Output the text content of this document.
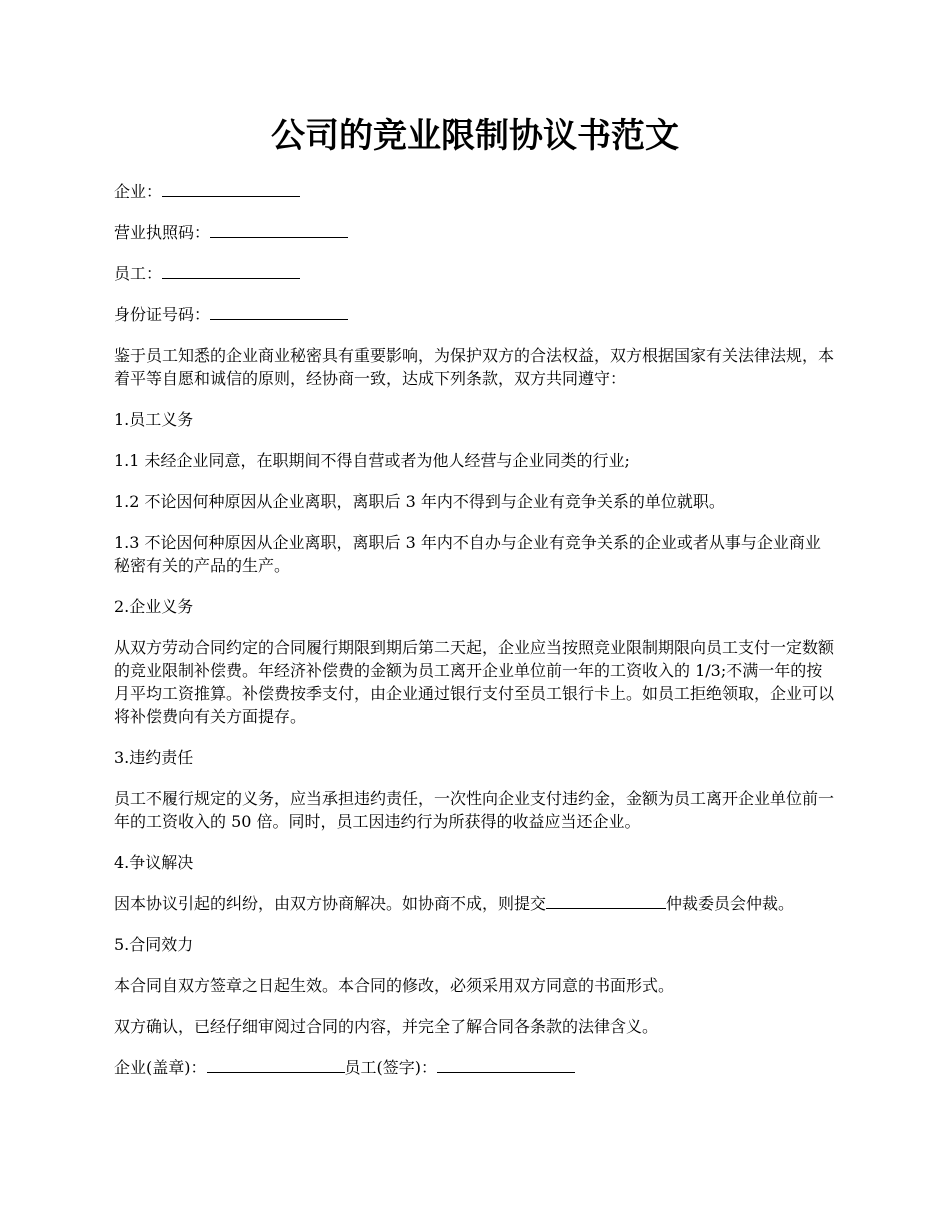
公司的竞业限制协议书范文

企业：

营业执照码：

员工：

身份证号码：

鉴于员工知悉的企业商业秘密具有重要影响，为保护双方的合法权益，双方根据国家有关法律法规，本着平等自愿和诚信的原则，经协商一致，达成下列条款，双方共同遵守：

1.员工义务

1.1 未经企业同意，在职期间不得自营或者为他人经营与企业同类的行业;

1.2 不论因何种原因从企业离职，离职后 3 年内不得到与企业有竞争关系的单位就职。

1.3 不论因何种原因从企业离职，离职后 3 年内不自办与企业有竞争关系的企业或者从事与企业商业秘密有关的产品的生产。

2.企业义务

从双方劳动合同约定的合同履行期限到期后第二天起，企业应当按照竞业限制期限向员工支付一定数额的竞业限制补偿费。年经济补偿费的金额为员工离开企业单位前一年的工资收入的 1/3;不满一年的按月平均工资推算。补偿费按季支付，由企业通过银行支付至员工银行卡上。如员工拒绝领取，企业可以将补偿费向有关方面提存。

3.违约责任

员工不履行规定的义务，应当承担违约责任，一次性向企业支付违约金，金额为员工离开企业单位前一年的工资收入的 50 倍。同时，员工因违约行为所获得的收益应当还企业。

4.争议解决

因本协议引起的纠纷，由双方协商解决。如协商不成，则提交	仲裁委员会仲裁。

5.合同效力

本合同自双方签章之日起生效。本合同的修改，必须采用双方同意的书面形式。

双方确认，已经仔细审阅过合同的内容，并完全了解合同各条款的法律含义。

企业(盖章)：	员工(签字)：
